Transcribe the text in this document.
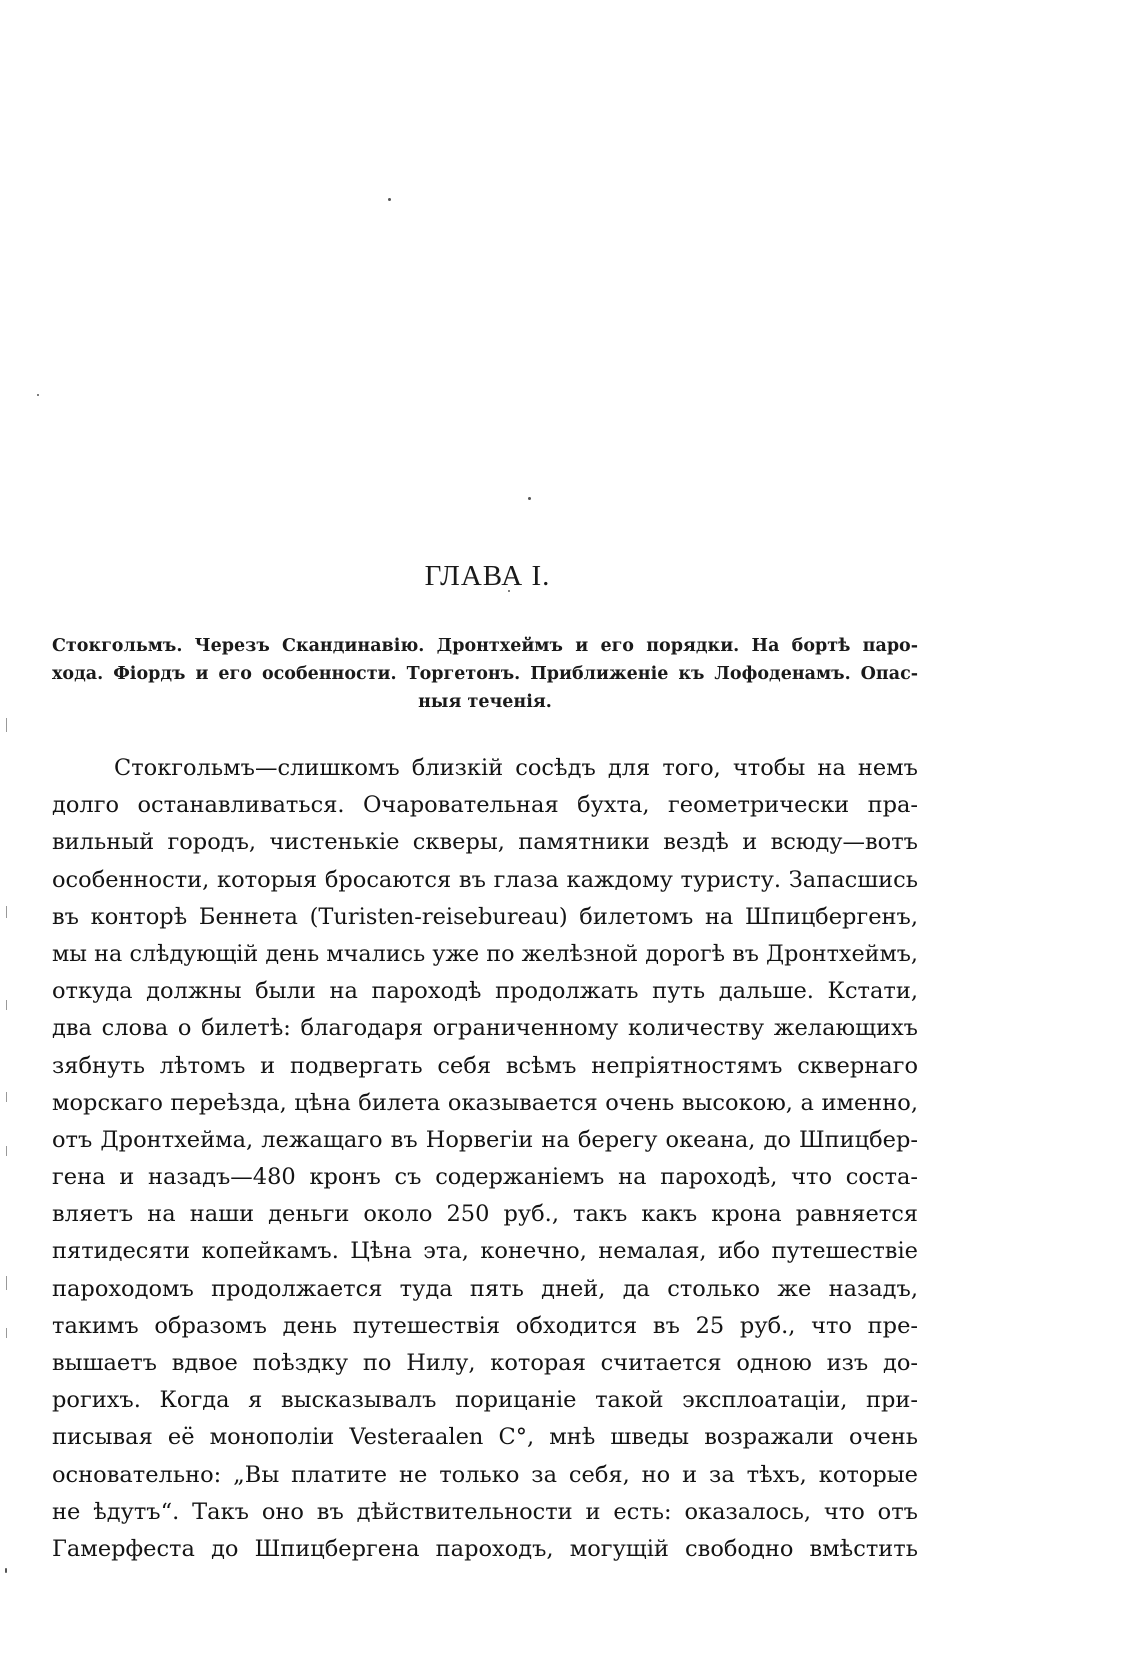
ГЛАВА I.
Стокгольмъ. Черезъ Скандинавію. Дронтхеймъ и его порядки. На бортѣ паро-
хода. Фіордъ и его особенности. Торгетонъ. Приближеніе къ Лофоденамъ. Опас-
ныя теченія.
Стокгольмъ—слишкомъ близкій сосѣдъ для того, чтобы на немъ
долго останавливаться. Очаровательная бухта, геометрически пра-
вильный городъ, чистенькіе скверы, памятники вездѣ и всюду—вотъ
особенности, которыя бросаются въ глаза каждому туристу. Запасшись
въ конторѣ Беннета (Turisten-reisebureau) билетомъ на Шпицбергенъ,
мы на слѣдующій день мчались уже по желѣзной дорогѣ въ Дронтхеймъ,
откуда должны были на пароходѣ продолжать путь дальше. Кстати,
два слова о билетѣ: благодаря ограниченному количеству желающихъ
зябнуть лѣтомъ и подвергать себя всѣмъ непріятностямъ сквернаго
морскаго переѣзда, цѣна билета оказывается очень высокою, а именно,
отъ Дронтхейма, лежащаго въ Норвегіи на берегу океана, до Шпицбер-
гена и назадъ—480 кронъ съ содержаніемъ на пароходѣ, что соста-
вляетъ на наши деньги около 250 руб., такъ какъ крона равняется
пятидесяти копейкамъ. Цѣна эта, конечно, немалая, ибо путешествіе
пароходомъ продолжается туда пять дней, да столько же назадъ,
такимъ образомъ день путешествія обходится въ 25 руб., что пре-
вышаетъ вдвое поѣздку по Нилу, которая считается одною изъ до-
рогихъ. Когда я высказывалъ порицаніе такой эксплоатаціи, при-
писывая её монополіи Vesteraalen C°, мнѣ шведы возражали очень
основательно: „Вы платите не только за себя, но и за тѣхъ, которые
не ѣдутъ“. Такъ оно въ дѣйствительности и есть: оказалось, что отъ
Гамерфеста до Шпицбергена пароходъ, могущій свободно вмѣстить
